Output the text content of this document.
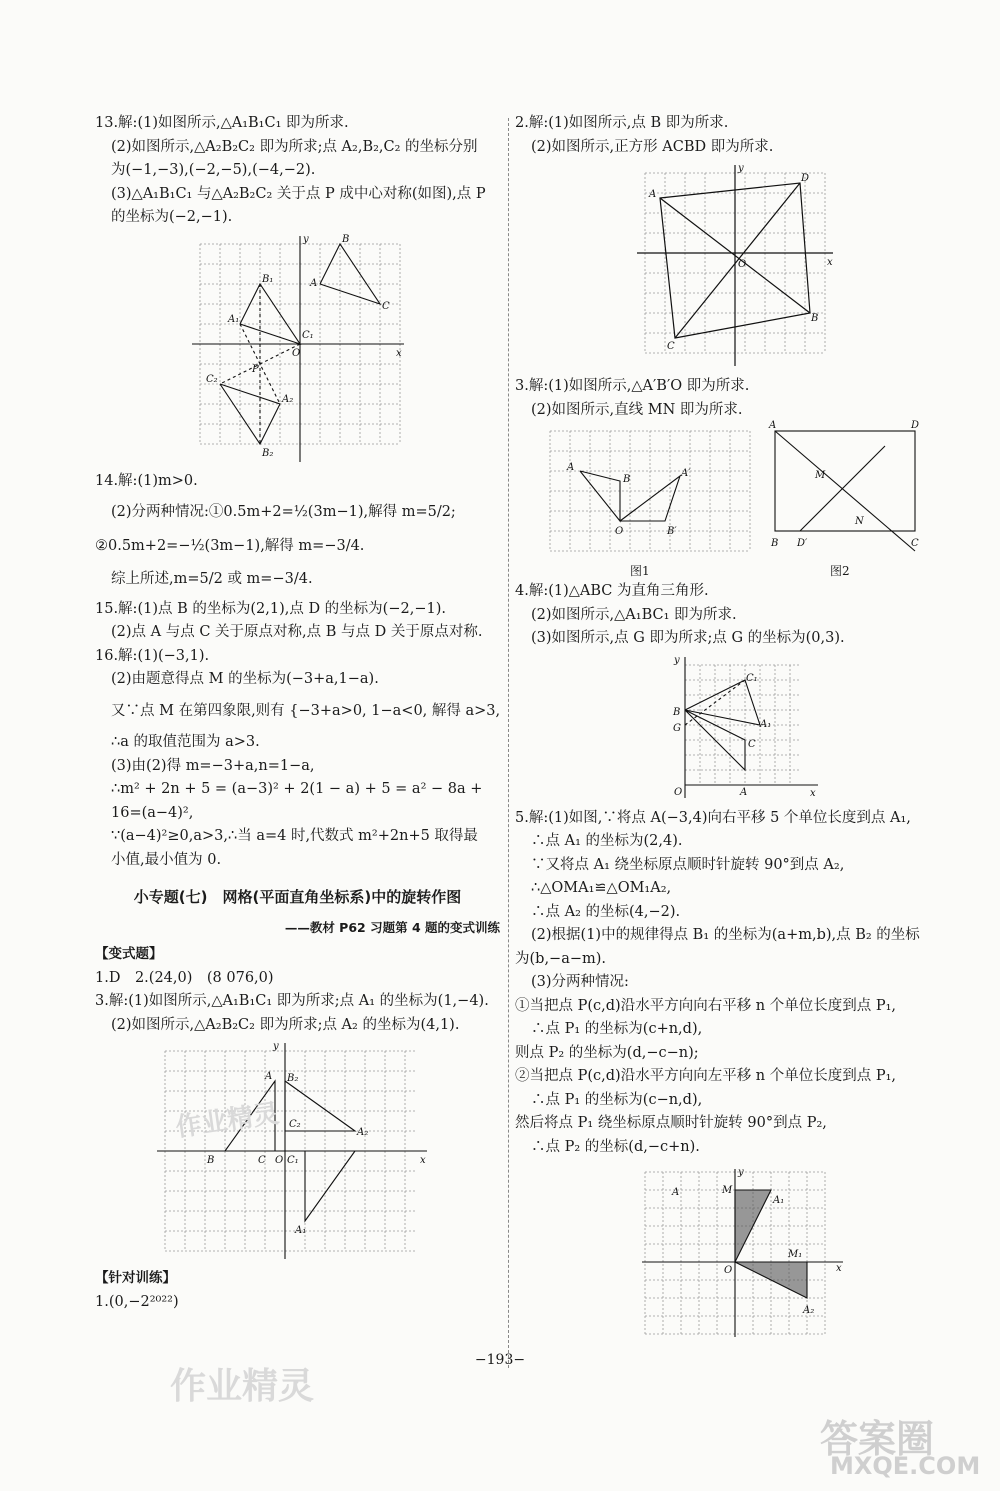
13.解:(1)如图所示,△A₁B₁C₁ 即为所求.
(2)如图所示,△A₂B₂C₂ 即为所求;点 A₂,B₂,C₂ 的坐标分别
为(−1,−3),(−2,−5),(−4,−2).
(3)△A₁B₁C₁ 与△A₂B₂C₂ 关于点 P 成中心对称(如图),点 P
的坐标为(−2,−1).
B
A
C
B₁
A₁
C₁
C₂
A₂
B₂
P
O	x
y
14.解:(1)m>0.
(2)分两种情况:①0.5m+2=½(3m−1),解得 m=5/2;
②0.5m+2=−½(3m−1),解得 m=−3/4.
综上所述,m=5/2 或 m=−3/4.
15.解:(1)点 B 的坐标为(2,1),点 D 的坐标为(−2,−1).
(2)点 A 与点 C 关于原点对称,点 B 与点 D 关于原点对称.
16.解:(1)(−3,1).
(2)由题意得点 M 的坐标为(−3+a,1−a).
又∵点 M 在第四象限,则有 {−3+a>0, 1−a<0, 解得 a>3,
∴a 的取值范围为 a>3.
(3)由(2)得 m=−3+a,n=1−a,
∴m² + 2n + 5 = (a−3)² + 2(1 − a) + 5 = a² − 8a +
16=(a−4)²,
∵(a−4)²≥0,a>3,∴当 a=4 时,代数式 m²+2n+5 取得最
小值,最小值为 0.
小专题(七)　网格(平面直角坐标系)中的旋转作图
——教材 P62 习题第 4 题的变式训练
【变式题】
1.D　2.(24,0)　(8 076,0)
3.解:(1)如图所示,△A₁B₁C₁ 即为所求;点 A₁ 的坐标为(1,−4).
(2)如图所示,△A₂B₂C₂ 即为所求;点 A₂ 的坐标为(4,1).
B
A
C
B₂
C₂
A₂
C₁
A₁
O	x
y
【针对训练】
1.(0,−2²⁰²²)
2.解:(1)如图所示,点 B 即为所求.
(2)如图所示,正方形 ACBD 即为所求.
A
D
B
C
O	x
y
3.解:(1)如图所示,△A′B′O 即为所求.
(2)如图所示,直线 MN 即为所求.
A
B
O
A′
B′
A	D
B D′	C
M
N
图1	图2
4.解:(1)△ABC 为直角三角形.
(2)如图所示,△A₁BC₁ 即为所求.
(3)如图所示,点 G 即为所求;点 G 的坐标为(0,3).
B
G
C₁
A₁
C
A
O	x
y
5.解:(1)如图,∵将点 A(−3,4)向右平移 5 个单位长度到点 A₁,
∴点 A₁ 的坐标为(2,4).
∵又将点 A₁ 绕坐标原点顺时针旋转 90°到点 A₂,
∴△OMA₁≌△OM₁A₂,
∴点 A₂ 的坐标(4,−2).
(2)根据(1)中的规律得点 B₁ 的坐标为(a+m,b),点 B₂ 的坐标
为(b,−a−m).
(3)分两种情况:
①当把点 P(c,d)沿水平方向向右平移 n 个单位长度到点 P₁,
∴点 P₁ 的坐标为(c+n,d),
则点 P₂ 的坐标为(d,−c−n);
②当把点 P(c,d)沿水平方向向左平移 n 个单位长度到点 P₁,
∴点 P₁ 的坐标为(c−n,d),
然后将点 P₁ 绕坐标原点顺时针旋转 90°到点 P₂,
∴点 P₂ 的坐标(d,−c+n).
A	M
A₁
M₁
A₂
O	x
y
−193−
作业精灵
作业精灵
答案圈
MXQE.COM
